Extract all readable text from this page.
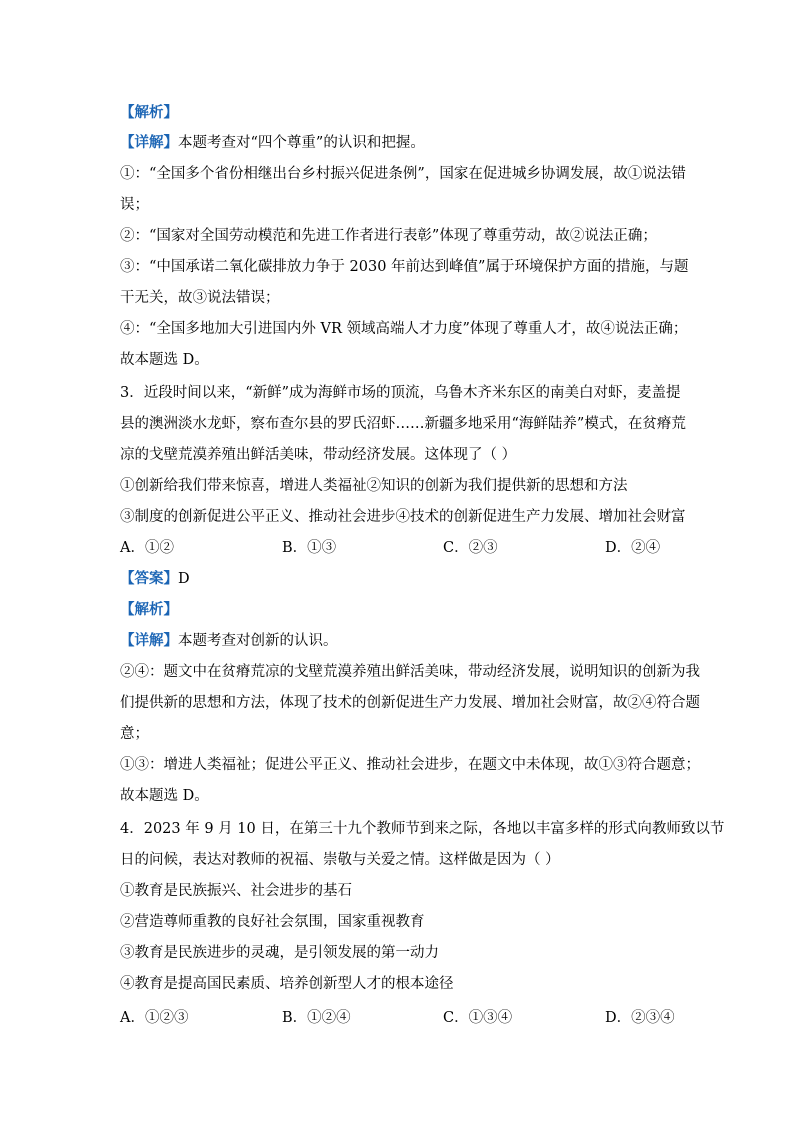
【解析】
【详解】本题考查对“四个尊重”的认识和把握。
①：“全国多个省份相继出台乡村振兴促进条例”，国家在促进城乡协调发展，故①说法错
误；
②：“国家对全国劳动模范和先进工作者进行表彰”体现了尊重劳动，故②说法正确；
③：“中国承诺二氧化碳排放力争于 2030 年前达到峰值”属于环境保护方面的措施，与题
干无关，故③说法错误；
④：“全国多地加大引进国内外 VR 领域高端人才力度”体现了尊重人才，故④说法正确；
故本题选 D。
3．近段时间以来，“新鲜”成为海鲜市场的顶流，乌鲁木齐米东区的南美白对虾，麦盖提
县的澳洲淡水龙虾，察布查尔县的罗氏沼虾……新疆多地采用“海鲜陆养”模式，在贫瘠荒
凉的戈壁荒漠养殖出鲜活美味，带动经济发展。这体现了（ ）
①创新给我们带来惊喜，增进人类福祉②知识的创新为我们提供新的思想和方法
③制度的创新促进公平正义、推动社会进步④技术的创新促进生产力发展、增加社会财富
A．①②	B．①③	C．②③	D．②④
【答案】D
【解析】
【详解】本题考查对创新的认识。
②④：题文中在贫瘠荒凉的戈壁荒漠养殖出鲜活美味，带动经济发展，说明知识的创新为我
们提供新的思想和方法，体现了技术的创新促进生产力发展、增加社会财富，故②④符合题
意；
①③：增进人类福祉；促进公平正义、推动社会进步，在题文中未体现，故①③符合题意；
故本题选 D。
4．2023 年 9 月 10 日，在第三十九个教师节到来之际，各地以丰富多样的形式向教师致以节
日的问候，表达对教师的祝福、崇敬与关爱之情。这样做是因为（ ）
①教育是民族振兴、社会进步的基石
②营造尊师重教的良好社会氛围，国家重视教育
③教育是民族进步的灵魂，是引领发展的第一动力
④教育是提高国民素质、培养创新型人才的根本途径
A．①②③	B．①②④	C．①③④	D．②③④
